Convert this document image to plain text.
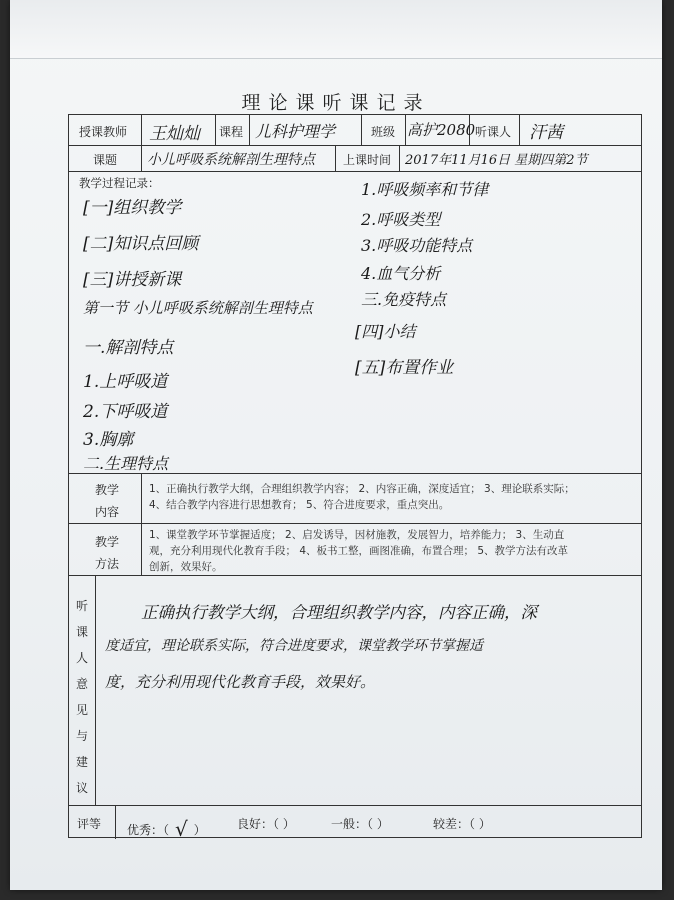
理论课听课记录
授课教师 王灿灿 课程 儿科护理学	班级 高护2080 听课人 汗茜
课题 小儿呼吸系统解剖生理特点 上课时间 2017年11月16日 星期四第2节
教学过程记录：
[一]组织教学
[二]知识点回顾
[三]讲授新课
第一节 小儿呼吸系统解剖生理特点
一.解剖特点
1.上呼吸道
2.下呼吸道
3.胸廓
二.生理特点
1.呼吸频率和节律
2.呼吸类型
3.呼吸功能特点
4.血气分析
三.免疫特点
[四]小结
[五]布置作业
教学
内容
1、正确执行教学大纲，合理组织教学内容； 2、内容正确，深度适宜； 3、理论联系实际； 4、结合教学内容进行思想教育； 5、符合进度要求，重点突出。
教学
方法
1、课堂教学环节掌握适度； 2、启发诱导，因材施教，发展智力，培养能力； 3、生动直观，充分利用现代化教育手段； 4、板书工整，画图准确，布置合理； 5、教学方法有改革创新，效果好。
听
课
人
意
见
与
建
议
正确执行教学大纲，合理组织教学内容，内容正确，深
度适宜，理论联系实际，符合进度要求，课堂教学环节掌握适
度，充分利用现代化教育手段，效果好。
评等 优秀：（ √ ）	良好：（ ）	一般：（ ）	较差：（ ）
